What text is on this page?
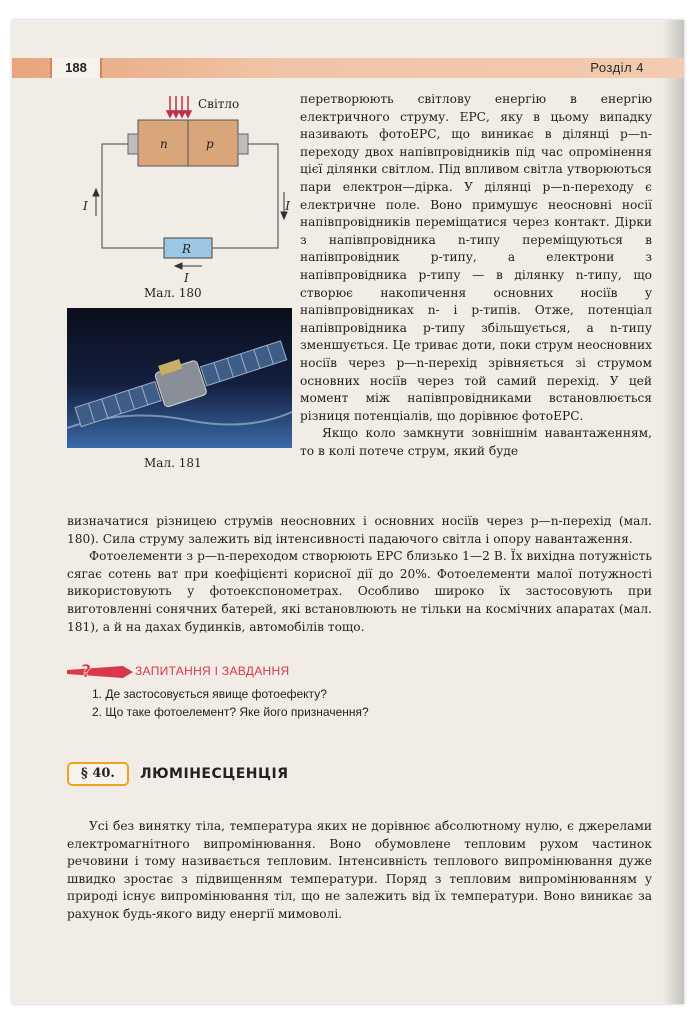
188	Розділ 4
n	p
R
I	I
I
Світло
Мал. 180
Мал. 181

перетворюють світлову енергію в енергію електричного струму. ЕРС, яку в цьому випадку називають фотоЕРС, що виникає в ділянці p—n-переходу двох напівпровідників під час опромінення цієї ділянки світлом. Під впливом світла утворюються пари електрон—дірка. У ділянці p—n-переходу є електричне поле. Воно примушує неосновні носії напівпровідників переміщатися через контакт. Дірки з напівпровідника n-типу переміщуються в напівпровідник p-типу, а електрони з напівпровідника p-типу — в ділянку n-типу, що створює накопичення основних носіїв у напівпровідниках n- і p-типів. Отже, потенціал напівпровідника p-типу збільшується, а n-типу зменшується. Це триває доти, поки струм неосновних носіїв через p—n-перехід зрівняється зі струмом основних носіїв через той самий перехід. У цей момент між напівпровідниками встановлюється різниця потенціалів, що дорівнює фотоЕРС.

Якщо коло замкнути зовнішнім навантаженням, то в колі потече струм, який буде

визначатися різницею струмів неосновних і основних носіїв через p—n-перехід (мал. 180). Сила струму залежить від інтенсивності падаючого світла і опору навантаження.

Фотоелементи з p—n-переходом створюють ЕРС близько 1—2 В. Їх вихідна потужність сягає сотень ват при коефіцієнті корисної дії до 20%. Фотоелементи малої потужності використовують у фотоекспонометрах. Особливо широко їх застосовують при виготовленні сонячних батерей, які встановлюють не тільки на космічних апаратах (мал. 181), а й на дахах будинків, автомобілів тощо.

?	ЗАПИТАННЯ І ЗАВДАННЯ
1. Де застосовується явище фотоефекту?
2. Що таке фотоелемент? Яке його призначення?
§ 40.	ЛЮМІНЕСЦЕНЦІЯ

Усі без винятку тіла, температура яких не дорівнює абсолютному нулю, є джерелами електромагнітного випромінювання. Воно обумовлене тепловим рухом частинок речовини і тому називається тепловим. Інтенсивність теплового випромінювання дуже швидко зростає з підвищенням температури. Поряд з тепловим випромінюванням у природі існує випромінювання тіл, що не залежить від їх температури. Воно виникає за рахунок будь-якого виду енергії мимоволі.
